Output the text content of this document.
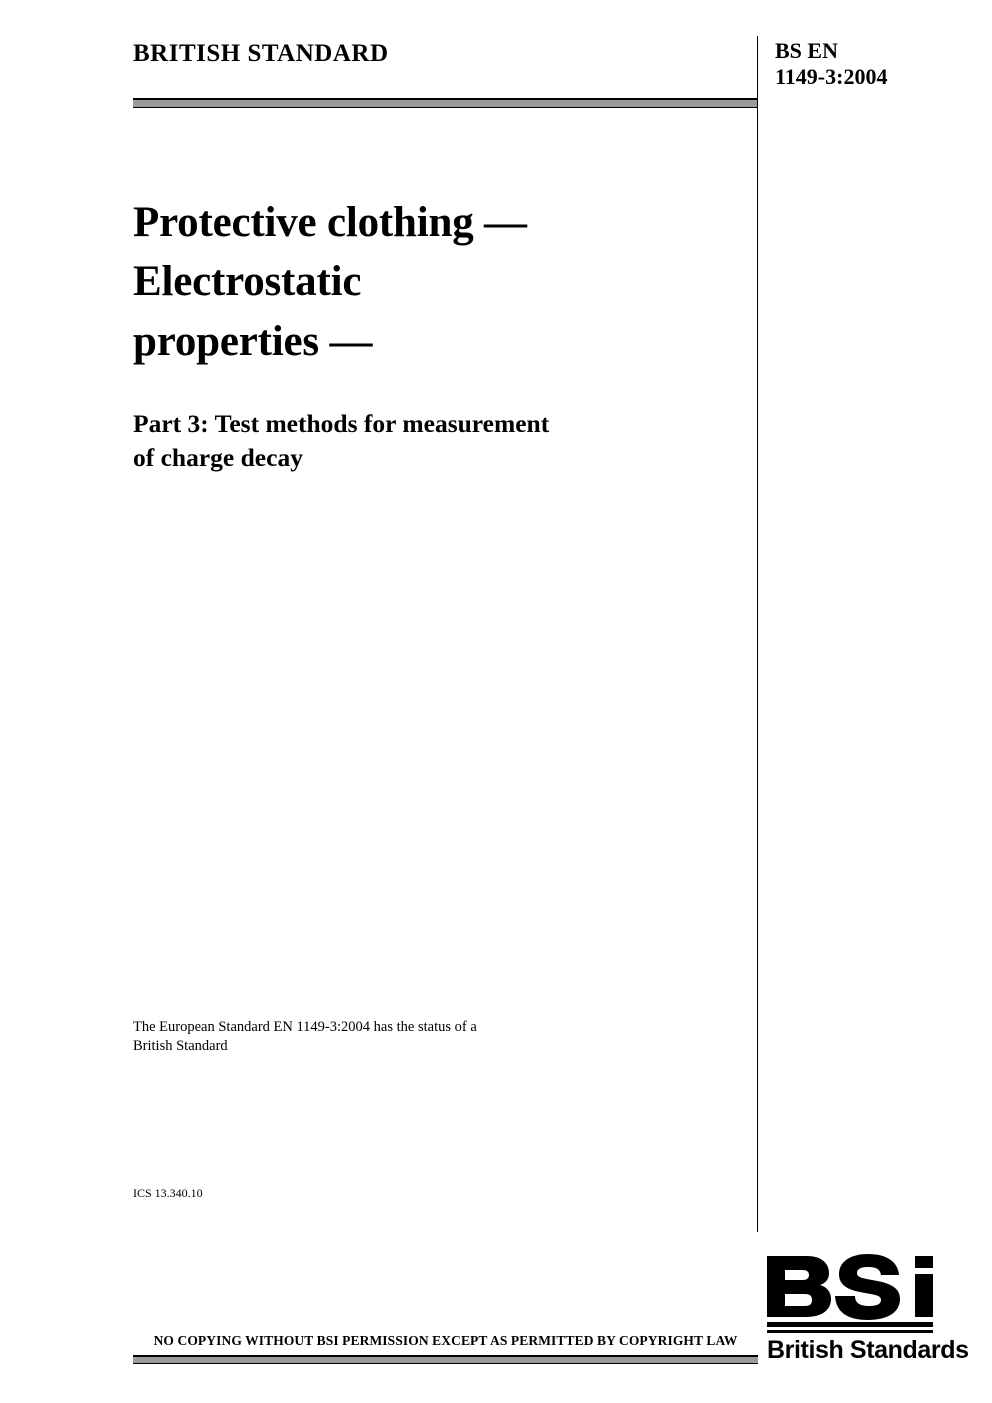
BRITISH STANDARD	BS EN
1149-3:2004
Protective clothing —
Electrostatic
properties —
Part 3: Test methods for measurement
of charge decay
The European Standard EN 1149-3:2004 has the status of a
British Standard
ICS 13.340.10
NO COPYING WITHOUT BSI PERMISSION EXCEPT AS PERMITTED BY COPYRIGHT LAW	British Standards
